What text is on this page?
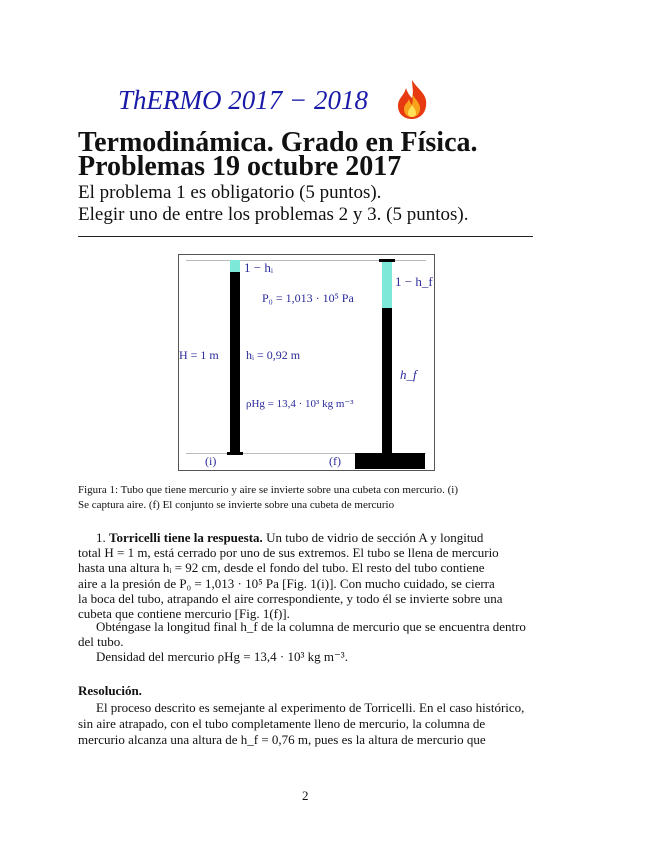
ThERMO 2017 − 2018
Termodinámica. Grado en Física.
Problemas 19 octubre 2017
El problema 1 es obligatorio (5 puntos).
Elegir uno de entre los problemas 2 y 3. (5 puntos).
1 − hᵢ
P₀ = 1,013 · 10⁵ Pa
H = 1 m hᵢ = 0,92 m
ρHg = 13,4 · 10³ kg m⁻³
1 − h_f
h_f
(i)	(f)
Figura 1: Tubo que tiene mercurio y aire se invierte sobre una cubeta con mercurio. (i)
Se captura aire. (f) El conjunto se invierte sobre una cubeta de mercurio
1. Torricelli tiene la respuesta. Un tubo de vidrio de sección A y longitud
total H = 1 m, está cerrado por uno de sus extremos. El tubo se llena de mercurio
hasta una altura hᵢ = 92 cm, desde el fondo del tubo. El resto del tubo contiene
aire a la presión de P₀ = 1,013 · 10⁵ Pa [Fig. 1(i)]. Con mucho cuidado, se cierra
la boca del tubo, atrapando el aire correspondiente, y todo él se invierte sobre una
cubeta que contiene mercurio [Fig. 1(f)].
Obténgase la longitud final h_f de la columna de mercurio que se encuentra dentro
del tubo.
Densidad del mercurio ρHg = 13,4 · 10³ kg m⁻³.
Resolución.
El proceso descrito es semejante al experimento de Torricelli. En el caso histórico,
sin aire atrapado, con el tubo completamente lleno de mercurio, la columna de
mercurio alcanza una altura de h_f = 0,76 m, pues es la altura de mercurio que
2
